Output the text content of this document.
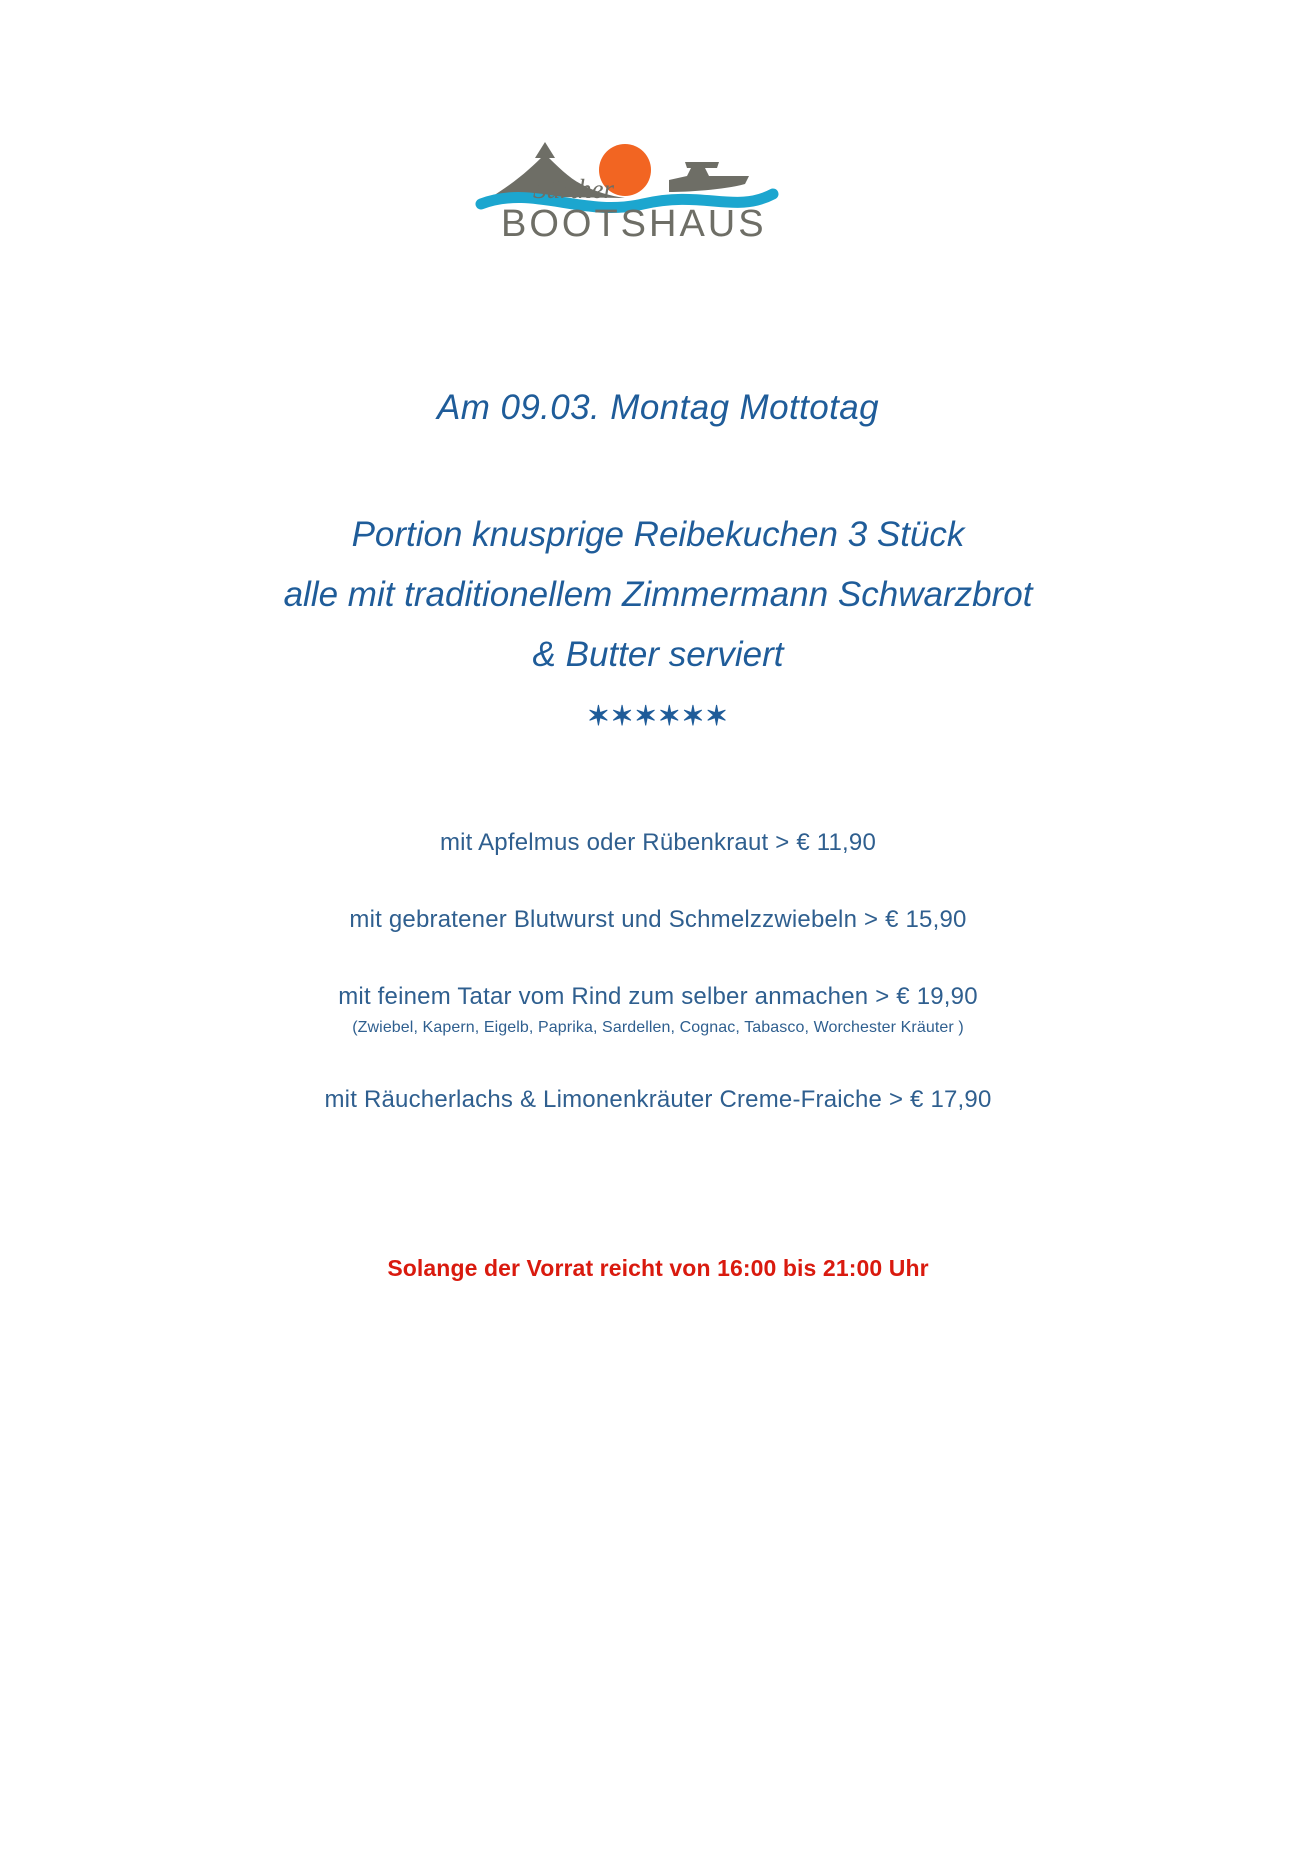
Sürther
BOOTSHAUS
Am 09.03. Montag Mottotag
Portion knusprige Reibekuchen 3 Stück
alle mit traditionellem Zimmermann Schwarzbrot
& Butter serviert
✶✶✶✶✶✶
mit Apfelmus oder Rübenkraut > € 11,90
mit gebratener Blutwurst und Schmelzzwiebeln > € 15,90
mit feinem Tatar vom Rind zum selber anmachen > € 19,90
(Zwiebel, Kapern, Eigelb, Paprika, Sardellen, Cognac, Tabasco, Worchester Kräuter )
mit Räucherlachs & Limonenkräuter Creme-Fraiche > € 17,90
Solange der Vorrat reicht von 16:00 bis 21:00 Uhr
